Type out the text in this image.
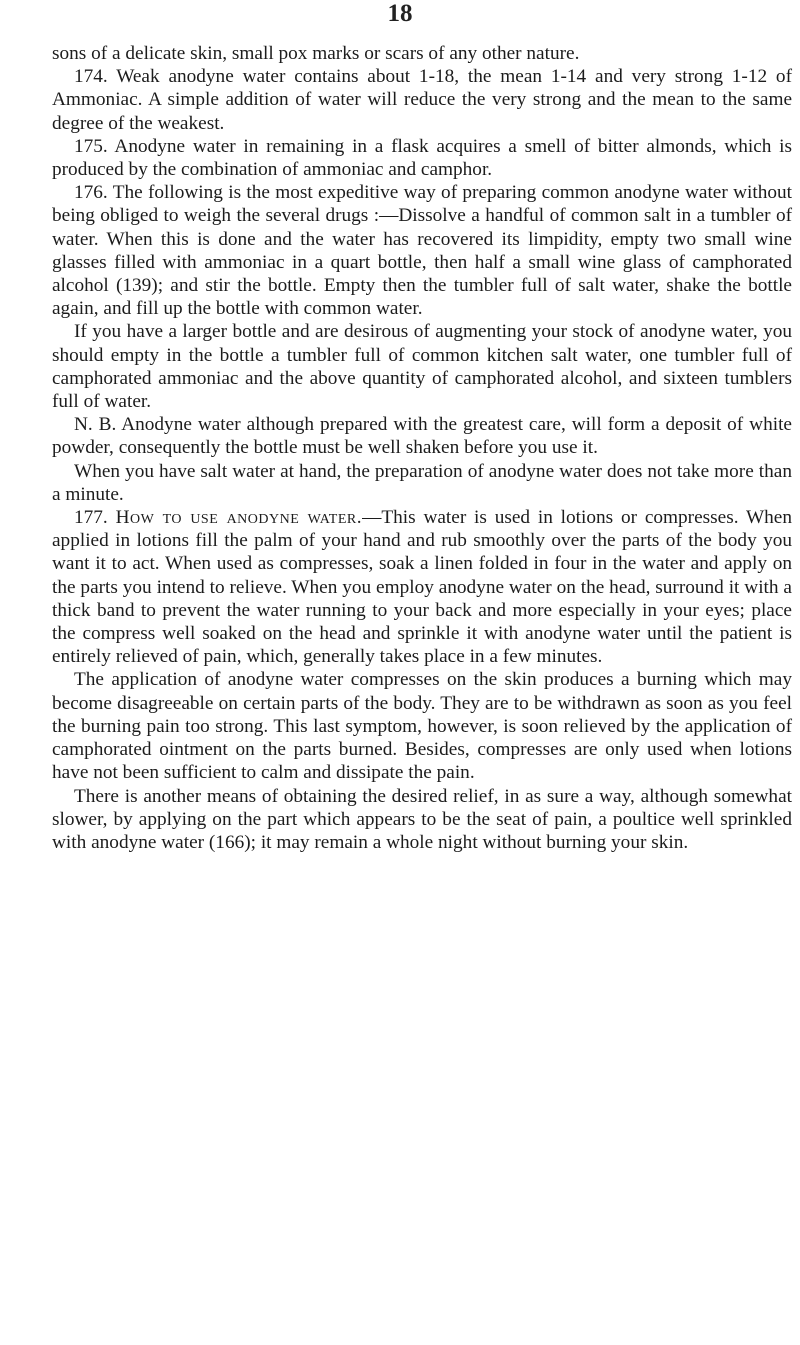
18

sons of a delicate skin, small pox marks or scars of any other nature.

174. Weak anodyne water contains about 1-18, the mean 1-14 and very strong 1-12 of Ammoniac. A simple addition of water will reduce the very strong and the mean to the same degree of the weakest.

175. Anodyne water in remaining in a flask acquires a smell of bitter almonds, which is produced by the combination of ammoniac and camphor.

176. The following is the most expeditive way of preparing common anodyne water without being obliged to weigh the several drugs :—Dissolve a handful of common salt in a tumbler of water. When this is done and the water has recovered its limpidity, empty two small wine glasses filled with ammoniac in a quart bottle, then half a small wine glass of camphorated alcohol (139); and stir the bottle. Empty then the tumbler full of salt water, shake the bottle again, and fill up the bottle with common water.

If you have a larger bottle and are desirous of augmenting your stock of anodyne water, you should empty in the bottle a tumbler full of common kitchen salt water, one tumbler full of camphorated ammoniac and the above quantity of camphorated alcohol, and sixteen tumblers full of water.

N. B. Anodyne water although prepared with the greatest care, will form a deposit of white powder, consequently the bottle must be well shaken before you use it.

When you have salt water at hand, the preparation of anodyne water does not take more than a minute.

177. How to use anodyne water.—This water is used in lotions or compresses. When applied in lotions fill the palm of your hand and rub smoothly over the parts of the body you want it to act. When used as compresses, soak a linen folded in four in the water and apply on the parts you intend to relieve. When you employ anodyne water on the head, surround it with a thick band to prevent the water running to your back and more especially in your eyes; place the compress well soaked on the head and sprinkle it with anodyne water until the patient is entirely relieved of pain, which, generally takes place in a few minutes.

The application of anodyne water compresses on the skin produces a burning which may become disagreeable on certain parts of the body. They are to be withdrawn as soon as you feel the burning pain too strong. This last symptom, however, is soon relieved by the application of camphorated ointment on the parts burned. Besides, compresses are only used when lotions have not been sufficient to calm and dissipate the pain.

There is another means of obtaining the desired relief, in as sure a way, although somewhat slower, by applying on the part which appears to be the seat of pain, a poultice well sprinkled with anodyne water (166); it may remain a whole night without burning your skin.
